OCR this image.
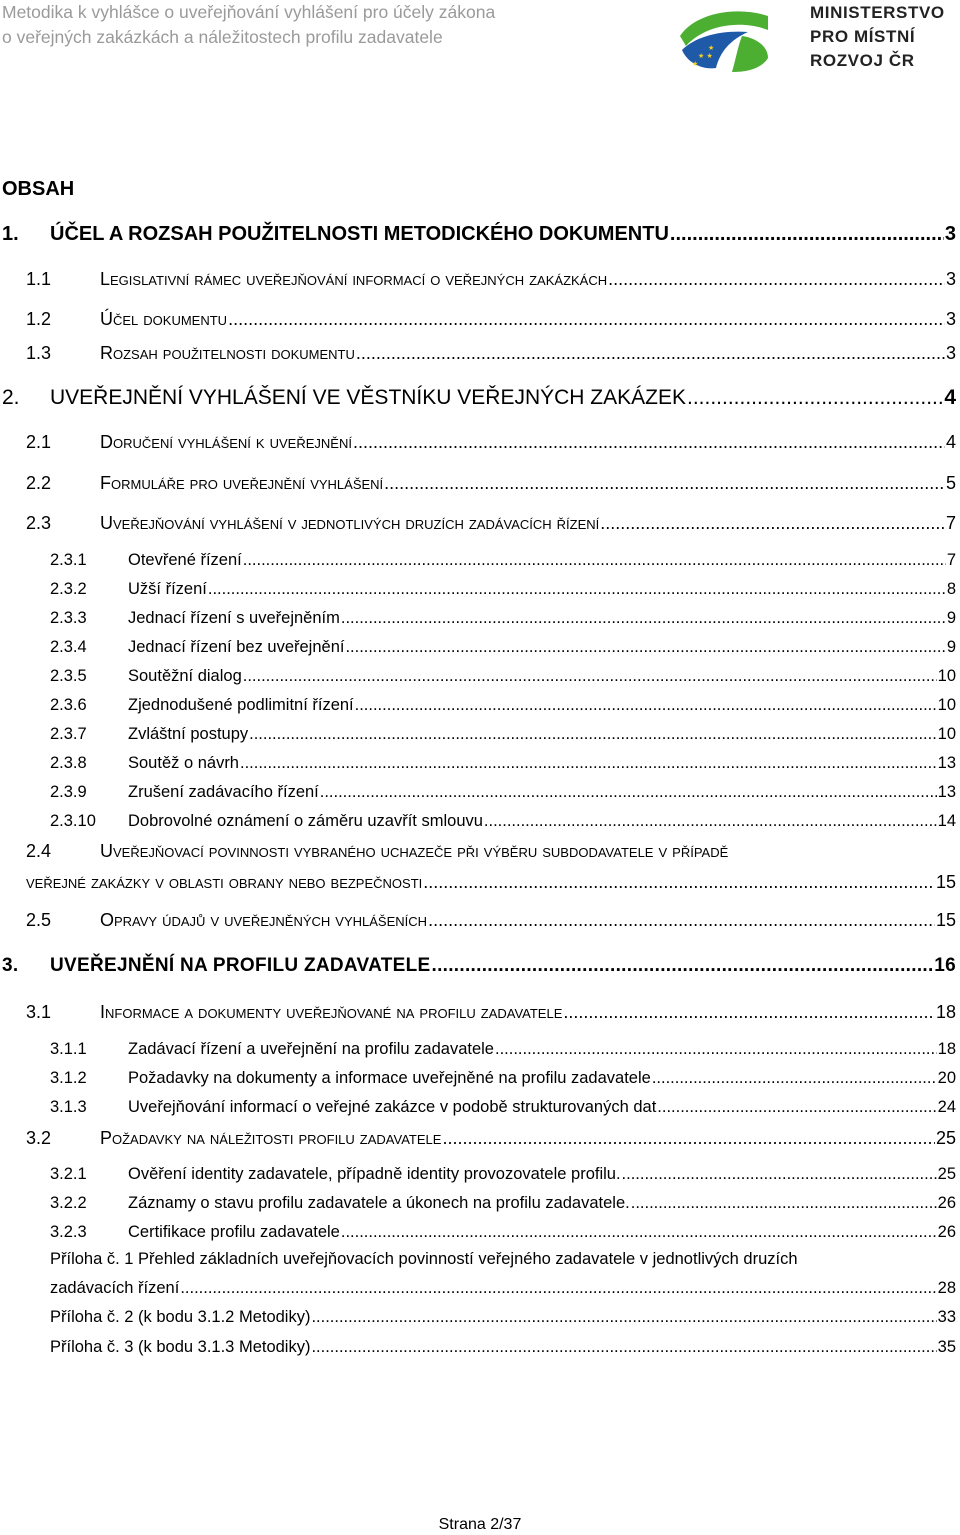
Metodika k vyhlášce o uveřejňování vyhlášení pro účely zákona
o veřejných zakázkách a náležitostech profilu zadavatele
★ ★
★
★
MINISTERSTVO
PRO MÍSTNÍ
ROZVOJ ČR
OBSAH
1.	ÚČEL A ROZSAH POUŽITELNOSTI METODICKÉHO DOKUMENTU .....	3
1.1	Legislativní rámec uveřejňování informací o veřejných zakázkách .....	3
1.2	Účel dokumentu .....	3
1.3	Rozsah použitelnosti dokumentu .....	3
2.	UVEŘEJNĚNÍ VYHLÁŠENÍ VE VĚSTNÍKU VEŘEJNÝCH ZAKÁZEK .....	4
2.1	Doručení vyhlášení k uveřejnění .....	4
2.2	Formuláře pro uveřejnění vyhlášení .....	5
2.3	Uveřejňování vyhlášení v jednotlivých druzích zadávacích řízení .....	7
2.3.1	Otevřené řízení .....	7
2.3.2	Užší řízení .....	8
2.3.3	Jednací řízení s uveřejněním .....	9
2.3.4	Jednací řízení bez uveřejnění .....	9
2.3.5	Soutěžní dialog .....	10
2.3.6	Zjednodušené podlimitní řízení .....	10
2.3.7	Zvláštní postupy .....	10
2.3.8	Soutěž o návrh .....	13
2.3.9	Zrušení zadávacího řízení .....	13
2.3.10	Dobrovolné oznámení o záměru uzavřít smlouvu .....	14
2.4	Uveřejňovací povinnosti vybraného uchazeče při výběru subdodavatele v případě
veřejné zakázky v oblasti obrany nebo bezpečnosti .....	15
2.5	Opravy údajů v uveřejněných vyhlášeních .....	15
3.	UVEŘEJNĚNÍ NA PROFILU ZADAVATELE .....	16
3.1	Informace a dokumenty uveřejňované na profilu zadavatele .....	18
3.1.1	Zadávací řízení a uveřejnění na profilu zadavatele .....	18
3.1.2	Požadavky na dokumenty a informace uveřejněné na profilu zadavatele .....	20
3.1.3	Uveřejňování informací o veřejné zakázce v podobě strukturovaných dat .....	24
3.2	Požadavky na náležitosti profilu zadavatele .....	25
3.2.1	Ověření identity zadavatele, případně identity provozovatele profilu. .....	25
3.2.2	Záznamy o stavu profilu zadavatele a úkonech na profilu zadavatele. .....	26
3.2.3	Certifikace profilu zadavatele .....	26
Příloha č. 1 Přehled základních uveřejňovacích povinností veřejného zadavatele v jednotlivých druzích
zadávacích řízení .....	28
Příloha č. 2 (k bodu 3.1.2 Metodiky) .....	33
Příloha č. 3 (k bodu 3.1.3 Metodiky) .....	35
Strana 2/37
